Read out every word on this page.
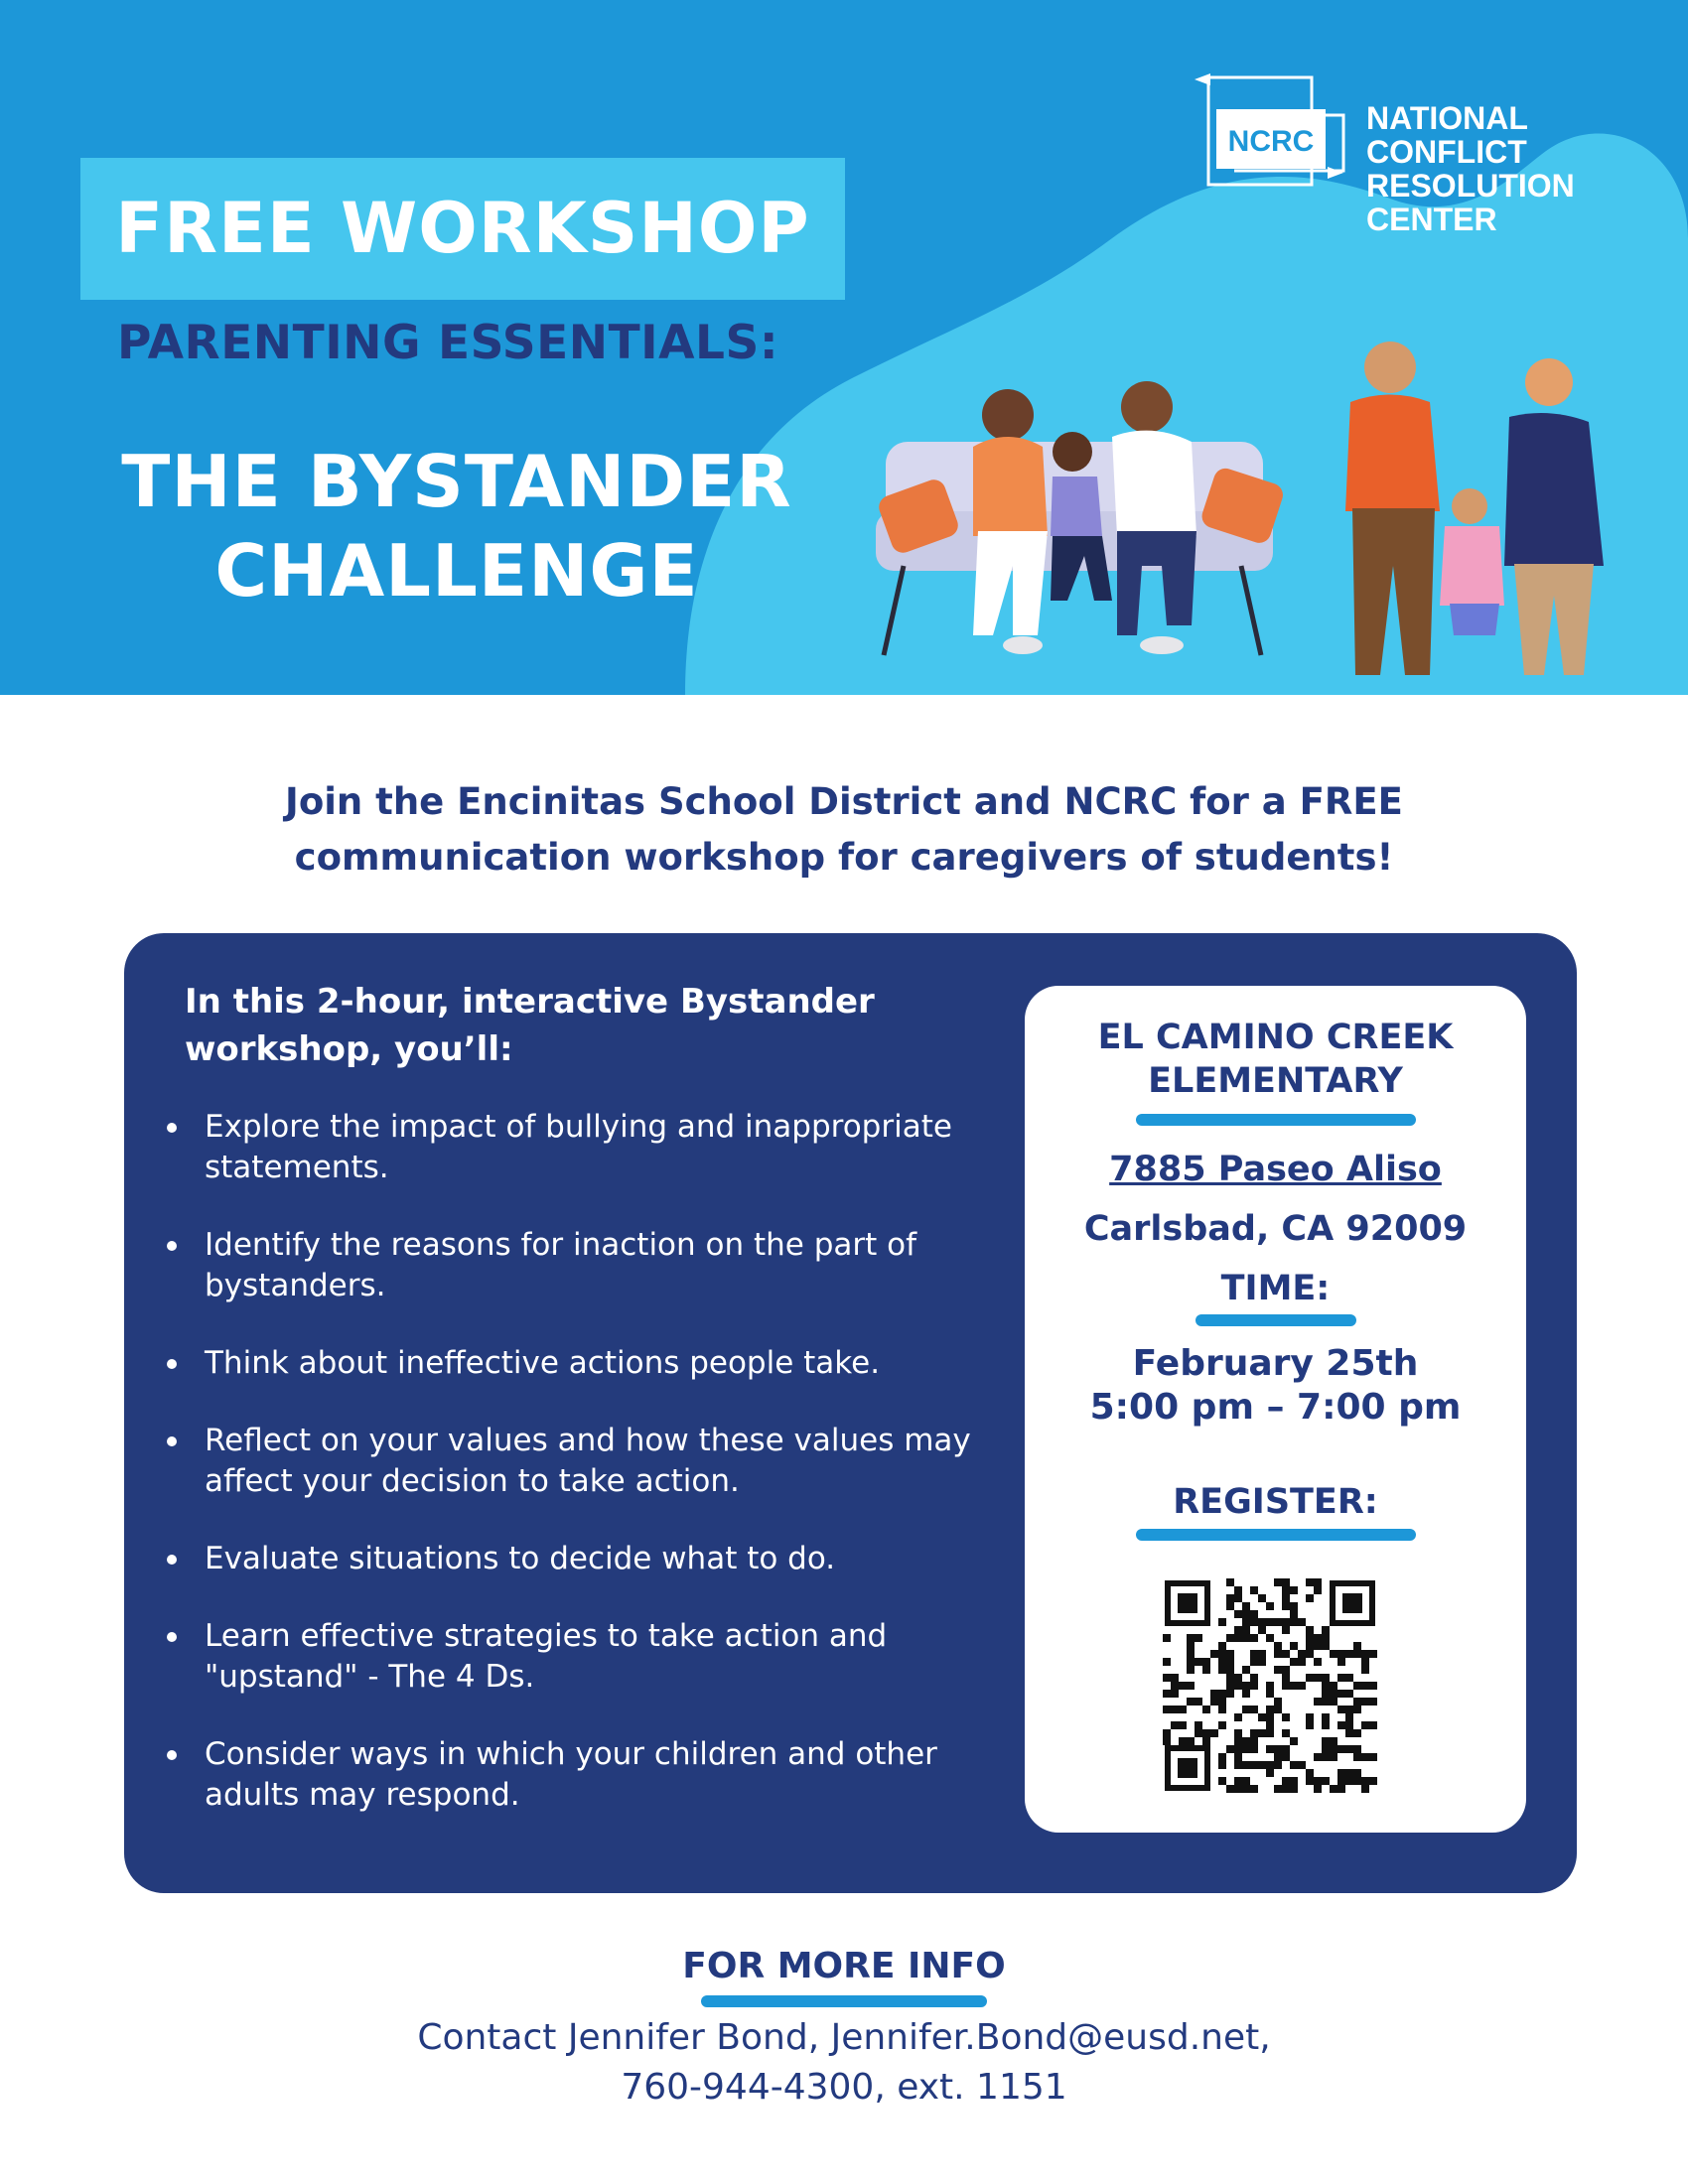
FREE WORKSHOP
PARENTING ESSENTIALS:
THE BYSTANDER
CHALLENGE
NCRC
NATIONAL
CONFLICT
RESOLUTION
CENTER
Join the Encinitas School District and NCRC for a FREE
communication workshop for caregivers of students!
In this 2-hour, interactive Bystander
workshop, you’ll:
Explore the impact of bullying and inappropriate statements.
Identify the reasons for inaction on the part of bystanders.
Think about ineffective actions people take.
Reflect on your values and how these values may affect your decision to take action.
Evaluate situations to decide what to do.
Learn effective strategies to take action and "upstand" - The 4 Ds.
Consider ways in which your children and other adults may respond.
EL CAMINO CREEK
ELEMENTARY
7885 Paseo Aliso
Carlsbad, CA 92009
TIME:
February 25th
5:00 pm – 7:00 pm
REGISTER:
FOR MORE INFO
Contact Jennifer Bond, Jennifer.Bond@eusd.net,
760-944-4300, ext. 1151
